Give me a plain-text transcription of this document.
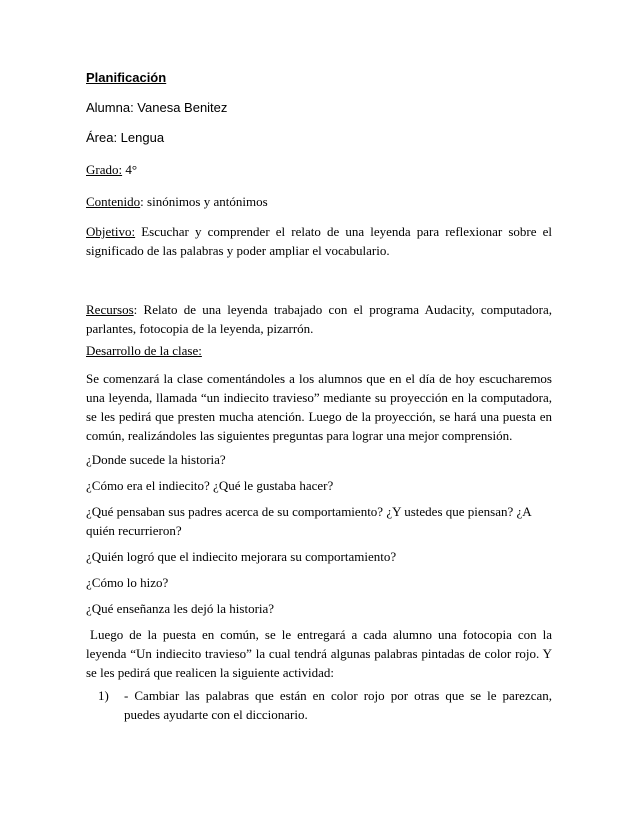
Planificación

Alumna: Vanesa Benitez

Área: Lengua

Grado: 4°

Contenido: sinónimos y antónimos

Objetivo: Escuchar y comprender el relato de una leyenda para reflexionar sobre el significado de las palabras y poder ampliar el vocabulario.

Recursos: Relato de una leyenda trabajado con el programa Audacity, computadora, parlantes, fotocopia de la leyenda, pizarrón.

Desarrollo de la clase:

Se comenzará la clase comentándoles a los alumnos que en el día de hoy escucharemos una leyenda, llamada “un indiecito travieso” mediante su proyección en la computadora, se les pedirá que presten mucha atención. Luego de la proyección, se hará una puesta en común, realizándoles las siguientes preguntas para lograr una mejor comprensión.

¿Donde sucede la historia?

¿Cómo era el indiecito? ¿Qué le gustaba hacer?

¿Qué pensaban sus padres acerca de su comportamiento? ¿Y ustedes que piensan? ¿A quién recurrieron?

¿Quién logró que el indiecito mejorara su comportamiento?

¿Cómo lo hizo?

¿Qué enseñanza les dejó la historia?

Luego de la puesta en común, se le entregará a cada alumno una fotocopia con la leyenda “Un indiecito travieso” la cual tendrá algunas palabras pintadas de color rojo. Y se les pedirá que realicen la siguiente actividad:

1)	- Cambiar las palabras que están en color rojo por otras que se le parezcan, puedes ayudarte con el diccionario.
